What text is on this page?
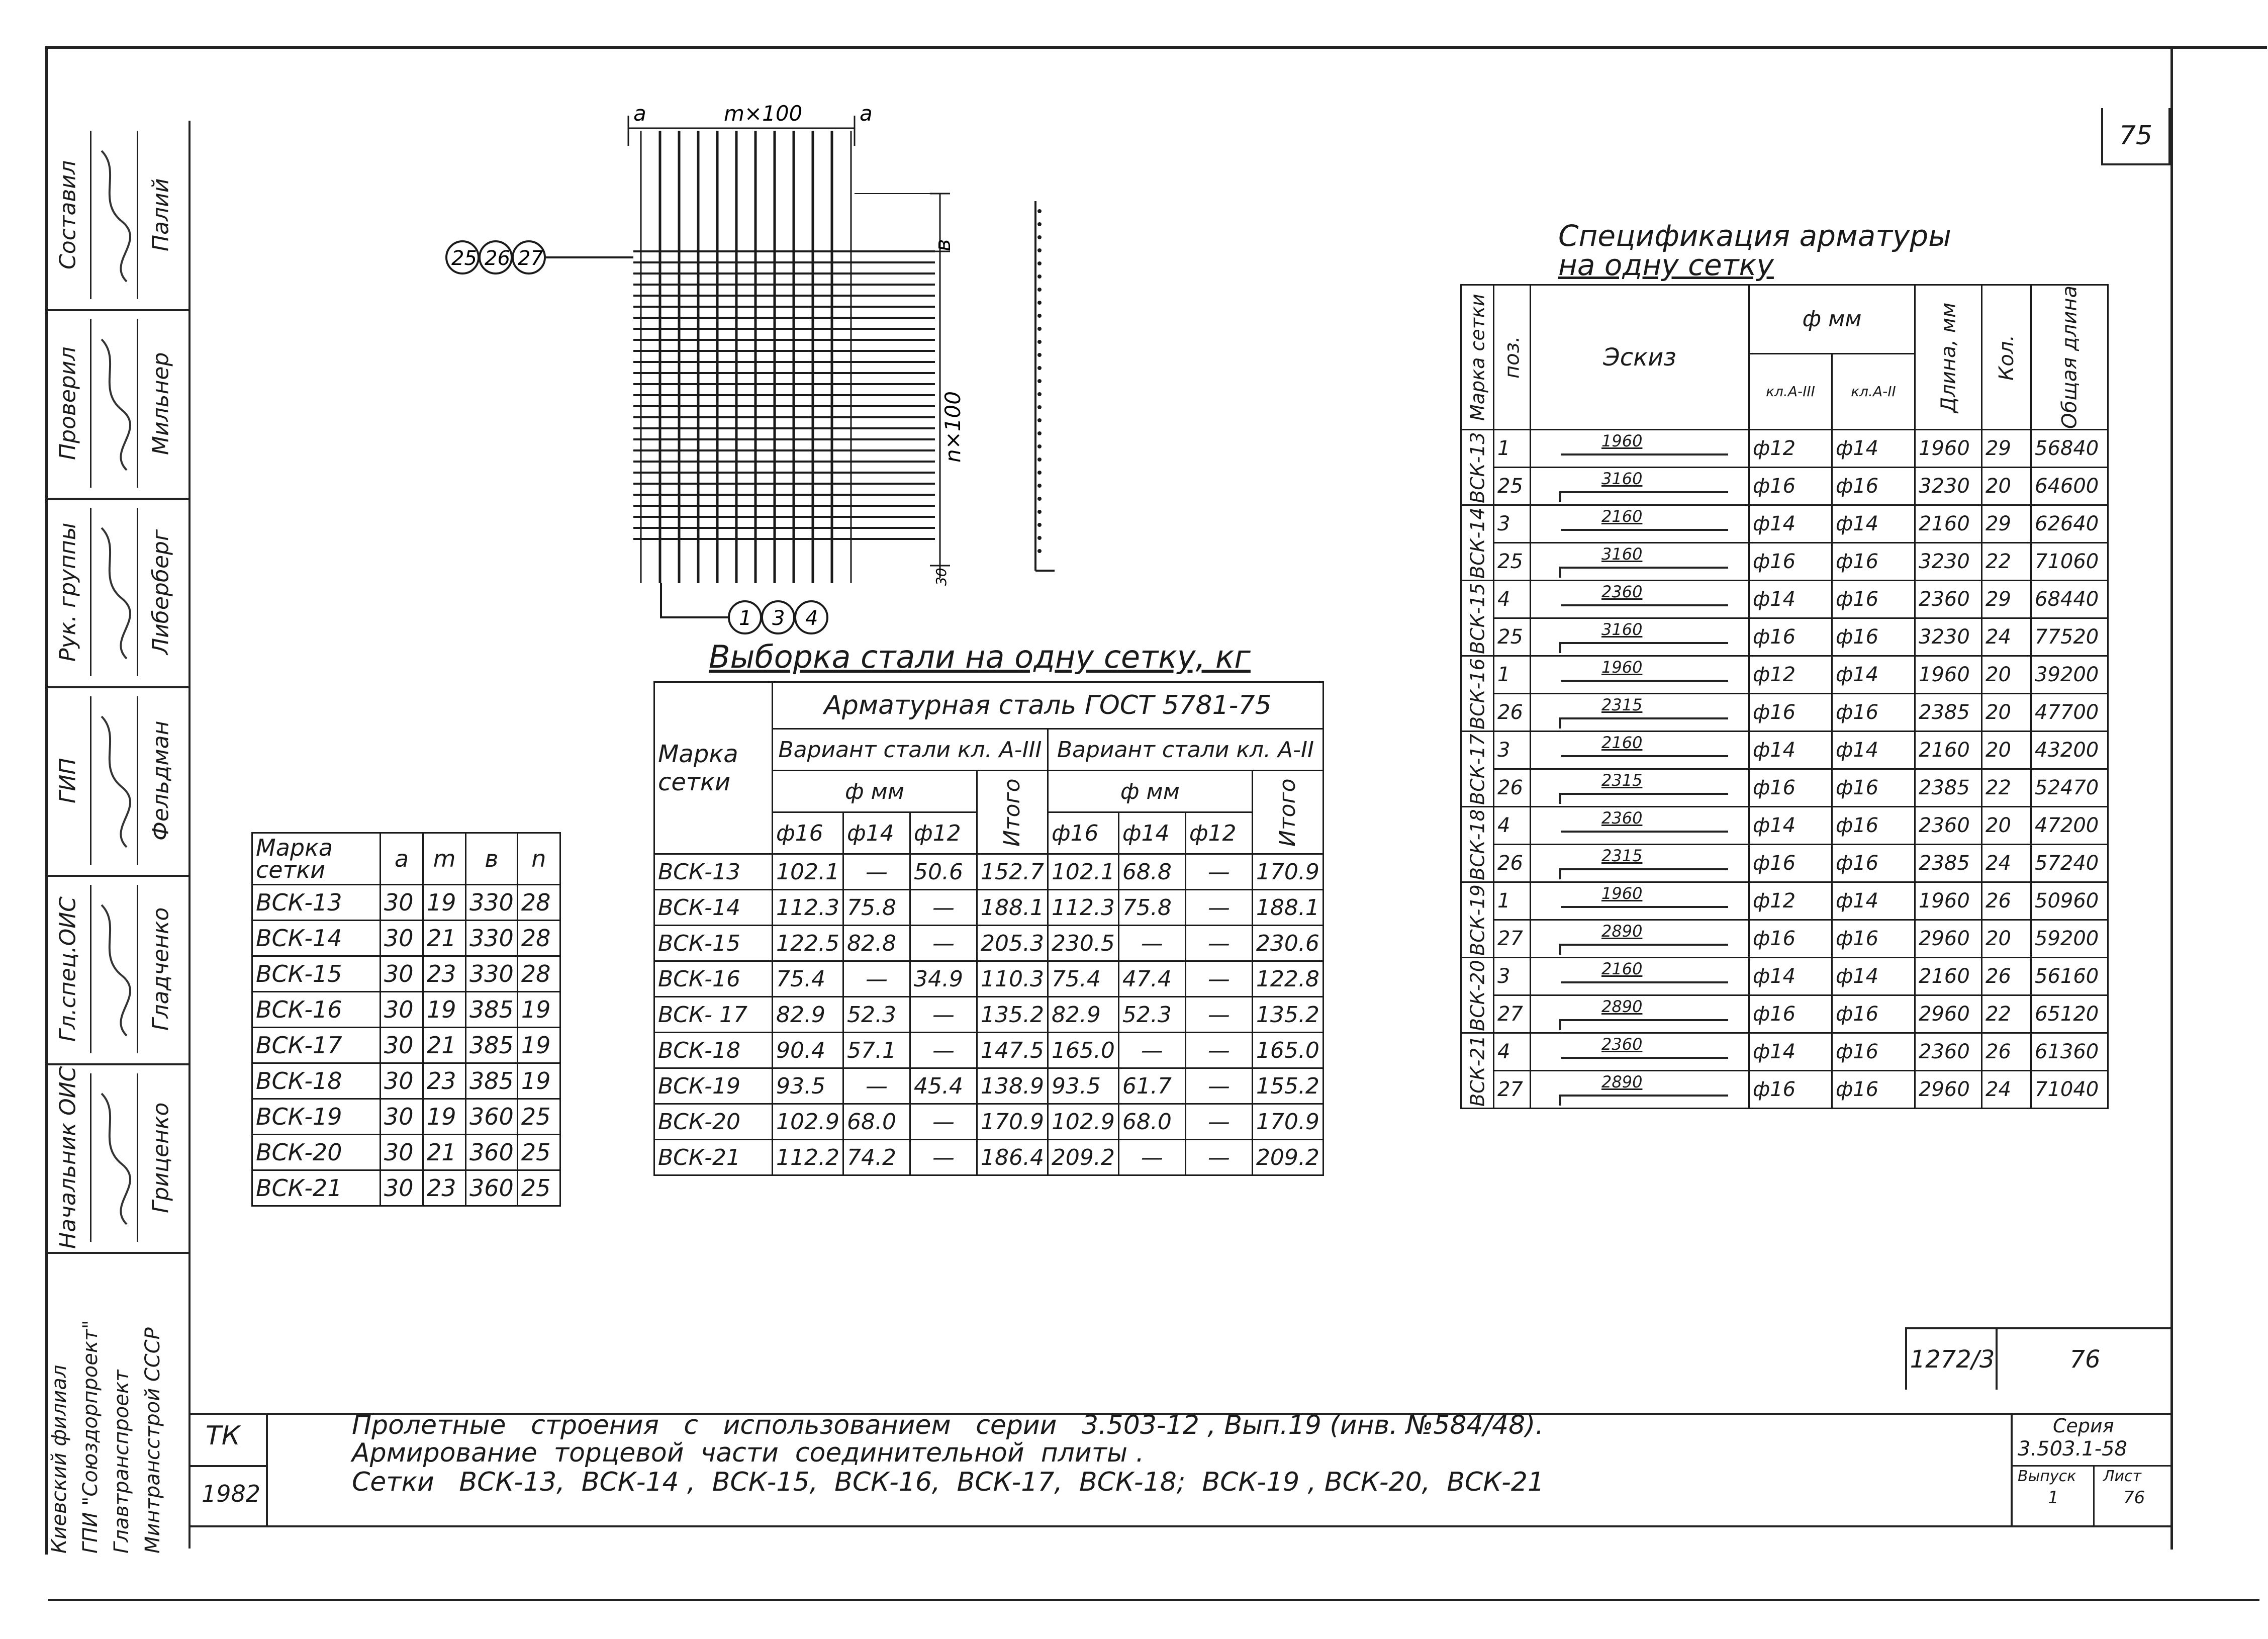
Составил	Палий
Проверил	Мильнер
Рук. группы	Либерберг
ГИП	Фельдман
Гл.спец.ОИС	Гладченко
Начальник ОИС	Гриценко
Минтрансстрой СССР
Главтранспроект
ГПИ "Союздорпроект"
Киевский филиал
75
a	m×100	a
в
n×100
30
25 26 27
1 3 4
Марка сетки	a	m	в	n
ВСК-13	30	19	330	28
ВСК-14	30	21	330	28
ВСК-15	30	23	330	28
ВСК-16	30	19	385	19
ВСК-17	30	21	385	19
ВСК-18	30	23	385	19
ВСК-19	30	19	360	25
ВСК-20	30	21	360	25
ВСК-21	30	23	360	25
Выборка стали на одну сетку, кг
Марка сетки	Арматурная сталь ГОСТ 5781-75							
	Вариант стали кл. А-III				Вариант стали кл. А-II			
	ф мм			Итого	ф мм			Итого
	ф16	ф14	ф12		ф16	ф14	ф12	
ВСК-13	102.1	—	50.6	152.7	102.1	68.8	—	170.9
ВСК-14	112.3	75.8	—	188.1	112.3	75.8	—	188.1
ВСК-15	122.5	82.8	—	205.3	230.5	—	—	230.6
ВСК-16	75.4	—	34.9	110.3	75.4	47.4	—	122.8
ВСК- 17	82.9	52.3	—	135.2	82.9	52.3	—	135.2
ВСК-18	90.4	57.1	—	147.5	165.0	—	—	165.0
ВСК-19	93.5	—	45.4	138.9	93.5	61.7	—	155.2
ВСК-20	102.9	68.0	—	170.9	102.9	68.0	—	170.9
ВСК-21	112.2	74.2	—	186.4	209.2	—	—	209.2
Спецификация арматуры
на одну сетку
Марка сетки	поз.	Эскиз	ф мм		Длина, мм	Кол.	Общая длина
			кл.А-III	кл.А-II			
ВСК-13	1	1960	ф12	ф14	1960	29	56840
	25	3160	ф16	ф16	3230	20	64600
ВСК-14	3	2160	ф14	ф14	2160	29	62640
	25	3160	ф16	ф16	3230	22	71060
ВСК-15	4	2360	ф14	ф16	2360	29	68440
	25	3160	ф16	ф16	3230	24	77520
ВСК-16	1	1960	ф12	ф14	1960	20	39200
	26	2315	ф16	ф16	2385	20	47700
ВСК-17	3	2160	ф14	ф14	2160	20	43200
	26	2315	ф16	ф16	2385	22	52470
ВСК-18	4	2360	ф14	ф16	2360	20	47200
	26	2315	ф16	ф16	2385	24	57240
ВСК-19	1	1960	ф12	ф14	1960	26	50960
	27	2890	ф16	ф16	2960	20	59200
ВСК-20	3	2160	ф14	ф14	2160	26	56160
	27	2890	ф16	ф16	2960	22	65120
ВСК-21	4	2360	ф14	ф16	2360	26	61360
	27	2890	ф16	ф16	2960	24	71040
1272/3	76
ТК
1982
Пролетные   строения   с   использованием   серии   3.503-12 , Вып.19 (инв. №584/48).
Армирование  торцевой  части  соединительной  плиты .
Сетки   ВСК-13,  ВСК-14 ,  ВСК-15,  ВСК-16,  ВСК-17,  ВСК-18;  ВСК-19 , ВСК-20,  ВСК-21
Серия
3.503.1-58
Выпуск Лист
1	76
